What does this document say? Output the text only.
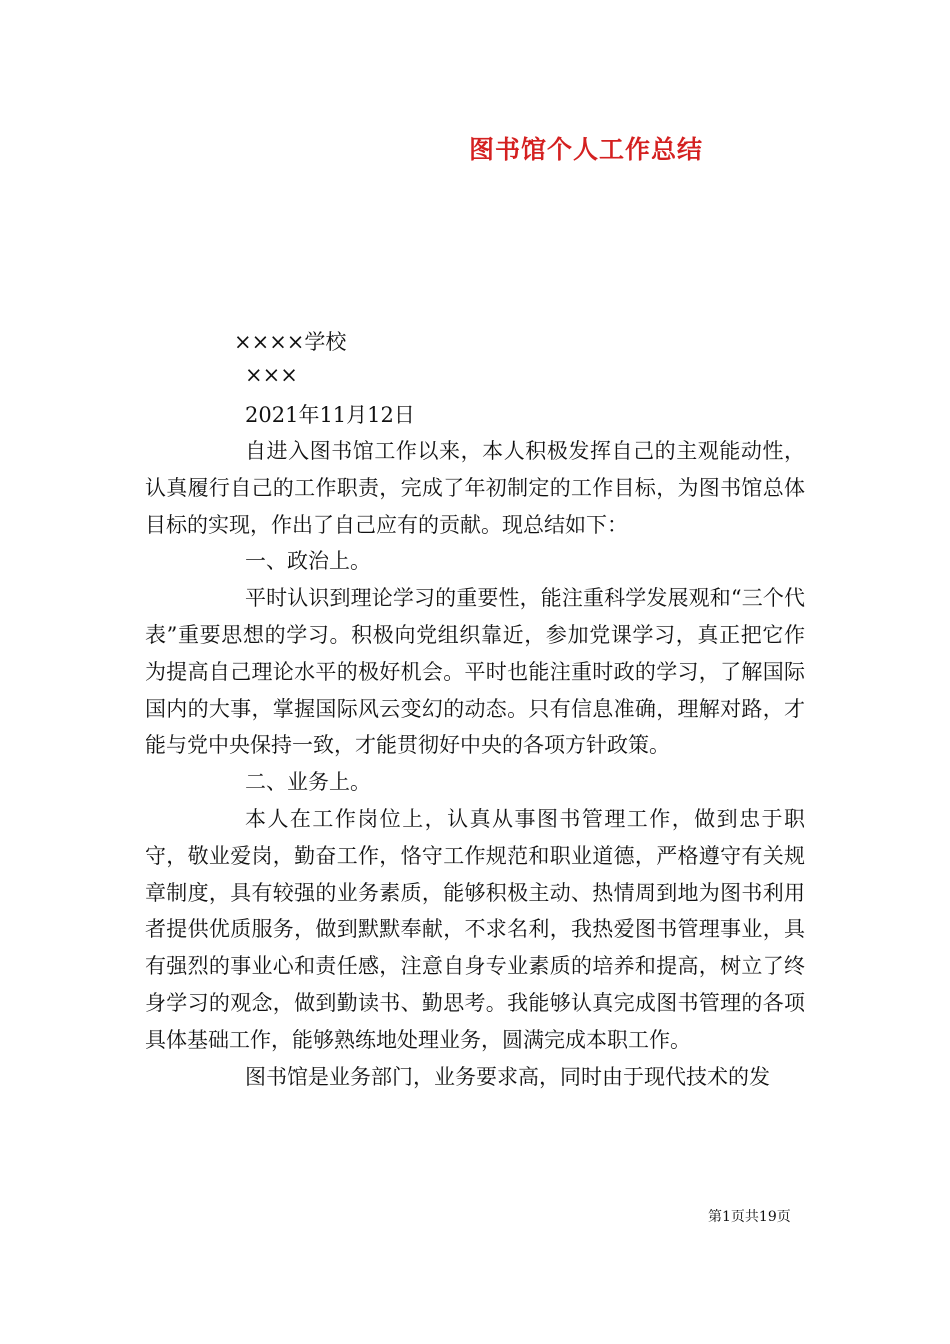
图书馆个人工作总结
××××学校
×××
2021年11月12日

自进入图书馆工作以来，本人积极发挥自己的主观能动性，认真履行自己的工作职责，完成了年初制定的工作目标，为图书馆总体目标的实现，作出了自己应有的贡献。现总结如下：

一、政治上。

平时认识到理论学习的重要性，能注重科学发展观和“三个代表”重要思想的学习。积极向党组织靠近，参加党课学习，真正把它作为提高自己理论水平的极好机会。平时也能注重时政的学习，了解国际国内的大事，掌握国际风云变幻的动态。只有信息准确，理解对路，才能与党中央保持一致，才能贯彻好中央的各项方针政策。

二、业务上。

本人在工作岗位上，认真从事图书管理工作，做到忠于职守，敬业爱岗，勤奋工作，恪守工作规范和职业道德，严格遵守有关规章制度，具有较强的业务素质，能够积极主动、热情周到地为图书利用者提供优质服务，做到默默奉献，不求名利，我热爱图书管理事业，具有强烈的事业心和责任感，注意自身专业素质的培养和提高，树立了终身学习的观念，做到勤读书、勤思考。我能够认真完成图书管理的各项具体基础工作，能够熟练地处理业务，圆满完成本职工作。

图书馆是业务部门，业务要求高，同时由于现代技术的发

第1页共19页
